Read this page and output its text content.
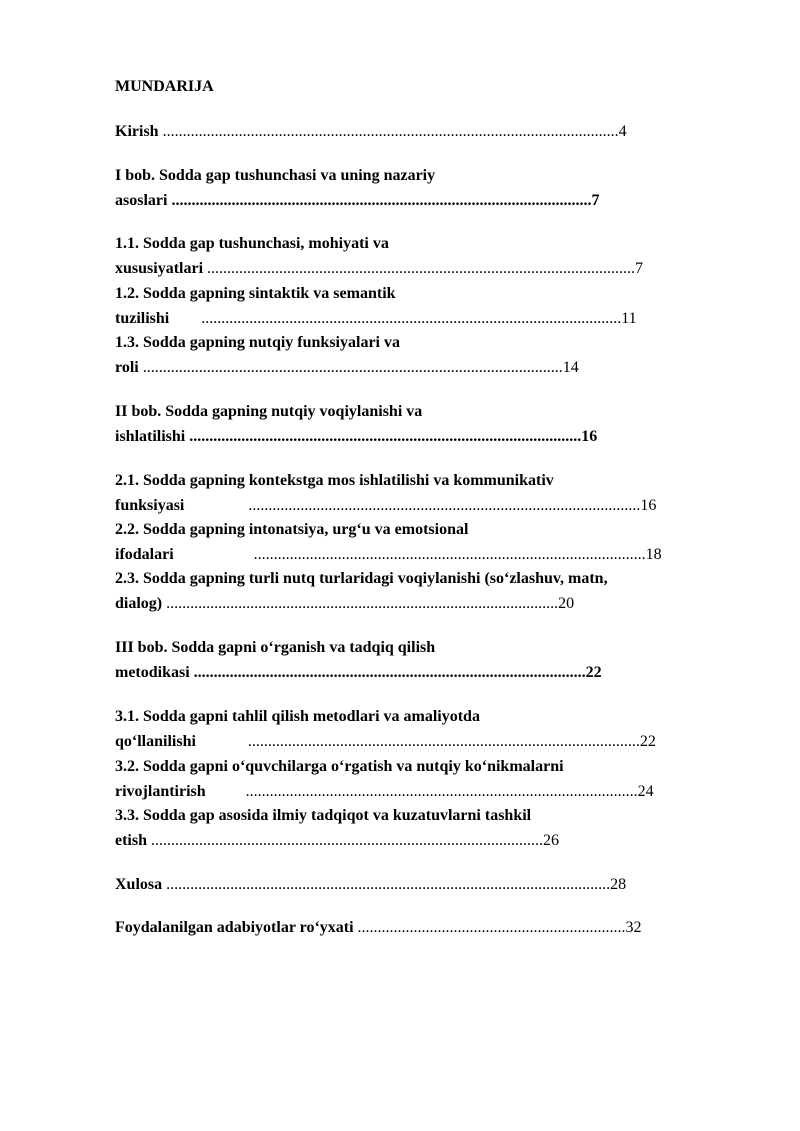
MUNDARIJA
Kirish ..................................................................................................................4
I bob. Sodda gap tushunchasi va uning nazariy
asoslari .........................................................................................................7
1.1. Sodda gap tushunchasi, mohiyati va
xususiyatlari ...........................................................................................................7
1.2. Sodda gapning sintaktik va semantik
tuzilishi .........................................................................................................11
1.3. Sodda gapning nutqiy funksiyalari va
roli .........................................................................................................14
II bob. Sodda gapning nutqiy voqiylanishi va
ishlatilishi ..................................................................................................16
2.1. Sodda gapning kontekstga mos ishlatilishi va kommunikativ
funksiyasi	..................................................................................................16
2.2. Sodda gapning intonatsiya, urg‘u va emotsional
ifodalari	..................................................................................................18
2.3. Sodda gapning turli nutq turlaridagi voqiylanishi (so‘zlashuv, matn,
dialog) ..................................................................................................20
III bob. Sodda gapni o‘rganish va tadqiq qilish
metodikasi ..................................................................................................22
3.1. Sodda gapni tahlil qilish metodlari va amaliyotda
qo‘llanilishi	..................................................................................................22
3.2. Sodda gapni o‘quvchilarga o‘rgatish va nutqiy ko‘nikmalarni
rivojlantirish	..................................................................................................24
3.3. Sodda gap asosida ilmiy tadqiqot va kuzatuvlarni tashkil
etish ..................................................................................................26
Xulosa ...............................................................................................................28
Foydalanilgan adabiyotlar ro‘yxati ...................................................................32
